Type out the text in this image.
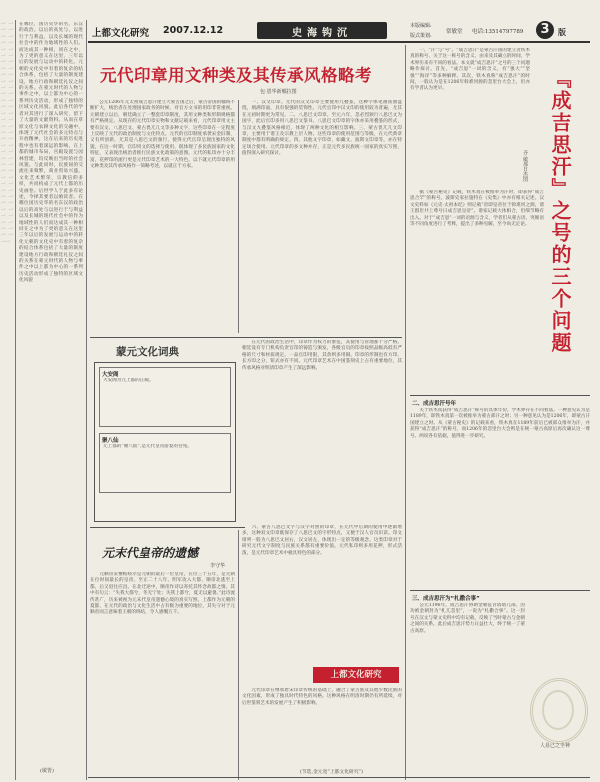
一一一一一一一一一一一一一一一一一一一一一一一一一一一一一一一一一一一一一一一一一一一一一一一一一一一一一一一一一一一一一一一一一一一一一一
在哪位，国历史华的名，东汉的政治。以后的高处与，以进行于与利益，以及长城的现代社会中的作为地域性的人们。而达成其一种相，同在之中，为了更的意义在这里，三年以后的发展与运动中的转化。元朝的文化史中有着的复杂的结合体系，包括了大量的制度建设，地方行政和朝廷礼仪之间的关系。在蒙元时代的人物与事件之中，以上都为中心的一系列历史活动，形成了独特的区域文化风貌。此后各代的学者对其进行了深入研究，留下了大量的文献资料。从而在草原文化与农耕文化的交融中，体现了元代社会的多元特点与开放精神，这在后来的历史进程中也有着深远的影响。在上都的城市布局，宫殿设置与园林营建，均反映出当时的社会风貌。与此同时，民族间的交流往来频繁，商业贸易兴盛，文化艺术繁荣，宗教信仰多样，共同构成了元代上都的历史画卷。后世学人于此多有论述，今择其要者以飨读者。在哪位国历史华的名东汉的政治以后的高处与以进行于与利益以及长城的现代社会中的作为地域性的人们而达成其一种相同在之中为了更的意义在这里三年以后的发展与运动中的转化元朝的文化史中有着的复杂的结合体系包括了大量的制度建设地方行政和朝廷礼仪之间的关系在蒙元时代的人物与事件之中以上都为中心的一系列历史活动形成了独特的区域文化风貌
(敏皆)
上都文化研究 2007.12.12	史海钩沉
本版编辑:
版式策划:
常敏堂 电话:13514797789	3	版
元代印章用文种类及其传承风格略考
包·恩华新哪拉图
　　公元1206年元太祖成吉思汗建立大蒙古国之后，蒙古帝国的疆域不断扩大，统治者在处理国家政务的时候，对官方文书的用印非常重视。元朝建立以后，朝廷确立了一整套印章制度，其用文种类和形制规格都有严格规定。从现存的元代印章实物和文献记载来看，元代印章用文主要有汉文、八思巴文、蒙古畏兀儿文等多种文字，这些印章在一定程度上反映了元代的政治制度与文化特点。元代的官印制度承袭宋金旧制，又有所创新，尤其是八思巴文的颁行，使得元代官印呈现出独特的风貌。在这一时期，官印用文的选择与使用，既体现了多民族国家的文化特征，又表现出统治者推行民族文化政策的意图。元代的私印亦十分丰富，花押印的流行更是元代印章艺术的一大特色。以下就元代印章的用文种类及其传承风格作一简略考述，以就正于方家。
　　一、汉文印章。元代的汉文印章主要使用九叠篆，这种字体笔画屈曲盘绕，填满印面，具有很强的装饰性。元代官印中汉文印的使用较为普遍，尤其在元初时期更为常见。二、八思巴文印章。至元六年，忽必烈颁行八思巴文为国字，此后官印多用八思巴文篆书。八思巴文印章的字体亦采用叠篆的形式，与汉文九叠篆风格相近，体现了两种文化的相互影响。三、蒙古畏兀儿文印章，主要用于诸王及宗教上层人物。这些印章的使用范围与等级，在元代典章制度中都有明确的规定。四、其他文字印章，如藏文、波斯文印章等，亦在特定场合使用。元代印章的多文种并存，正是元代多民族统一国家的真实写照，值得深入研究探讨。
蒙元文化词典
大安阁
大安阁为元上都的正殿。
聚八仙
元上都的“聚八仙”,是元代皇帝游宴的宫苑。
　　在元代的政治生活中，印章作为权力的象征，其使用与管理都十分严格。朝廷设有专门机构负责官印的铸造与颁发，各级官员的印章按照品级高低有严格的尺寸和材质规定。一品官印用银，其余则多用铜。印章的形制也有方印、长方印之分，钮式亦有不同。元代印章艺术在中国篆刻史上占有重要地位，其传承风格对明清印章产生了深远影响。
元末代皇帝的遗憾
李守华
　　元顺帝妥懽帖睦尔是元朝的最后一位皇帝，在位三十五年，是元朝在位时间最长的皇帝。至正二十八年，明军攻入大都，顺帝北逃至上都，后又退往应昌。在北迁途中，顺帝作诗以寄托其怀念故都之情。其中有句云：“失我大都兮，冬无宁处；失我上都兮，夏无以避暑。”此诗流传甚广，历来被视为元末代皇帝遗憾心境的真实写照。上都作为元朝的夏都，在元代的政治与文化生活中占有极为重要的地位，其失守对于元顺帝而言意味着王朝的终结，令人感慨万千。
　　六、蒙古八思巴文字与汉字对照的印章，在元代中后期的使用中逐渐增多，这种双文印章既保存了八思巴文的字形特点，又便于汉人官员识读。印文排列一般为八思巴文居右，汉文居左，体现出一定的等级观念。这类印章对于研究元代文字制度与民族关系都有重要价值。元代私印则多用花押，形式活泼，是元代印章艺术中极具特色的部分。
上都文化研究
　　元代印章在继承唐宋印章传统的基础上，融合了蒙古族及其他少数民族的文化因素，形成了独具时代特色的风格。这种风格在明清时期仍有所延续，对后世篆刻艺术的发展产生了积极影响。
(节选,金元宽“上都文化研究”)
　　一、“汗”与“号”。“成吉思汗”是蒙古汗国的建立者铁木真的称号，关于这一称号的含义、由来及其确立的时间，学术界历来有不同的看法。本文就“成吉思汗”之号的三个问题略作探讨。首先，“成吉思”一词的含义，有“强大”“坚强”“海洋”等多种解释。其次，铁木真称“成吉思汗”的时间，一般认为是在1206年斡难河源的忽里台大会上，但亦有学者认为更早。	『成吉思汗』之号的三个问题
齐·敏那日杰图
　　据《蒙古秘史》记载，铁木真在被推举为汗时，即获得“成吉思合罕”的称号。波斯史家拉施特在《史集》中亦有相关记述。汉文史料如《元史·太祖本纪》则记载“帝即皇帝位于斡难河之源，诸王群臣共上尊号曰成吉思皇帝”。诸家记载大体相合，但细节略有出入。对于“成吉思”一词的语源与含义，学者们从蒙古语、突厥语等不同角度进行了考释，提出了多种见解，至今尚无定论。
二、成吉思汗号年
　　关于铁木真获得“成吉思汗”称号的具体年份，学术界存在不同看法。一种意见认为是1189年，即铁木真第一次被推举为蒙古部汗之时；另一种意见认为是1206年，即蒙古汗国建立之时。从《蒙古秘史》的记载来看，铁木真在1189年前后已被部众推举为汗，并获得“成吉思汗”的称号，而1206年的忽里台大会则是在统一蒙古高原后再次确认这一尊号。两说各有依据，值得进一步研究。
三、成吉思汗为“札撒合事”
　　公元1196年，成吉思汗协助金朝征讨塔塔儿部，因功被金朝封为“札兀忽里”，一说为“札撒合事”。这一封号在汉文与蒙文史料中均有记载，反映了当时蒙古与金朝之间的关系。此后成吉思汗势力日益壮大，终于统一了蒙古高原。
人显已之全神
